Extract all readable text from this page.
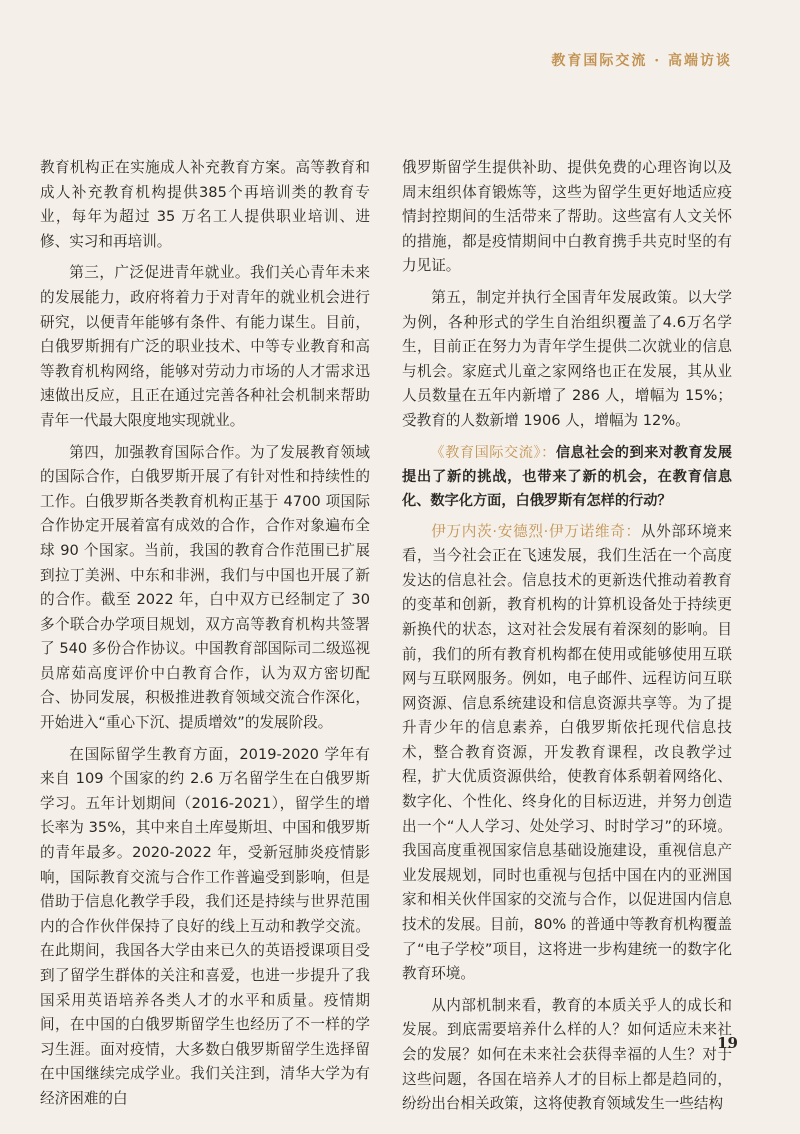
教育国际交流 · 高端访谈

教育机构正在实施成人补充教育方案。高等教育和成人补充教育机构提供385个再培训类的教育专业，每年为超过 35 万名工人提供职业培训、进修、实习和再培训。

第三，广泛促进青年就业。我们关心青年未来的发展能力，政府将着力于对青年的就业机会进行研究，以便青年能够有条件、有能力谋生。目前，白俄罗斯拥有广泛的职业技术、中等专业教育和高等教育机构网络，能够对劳动力市场的人才需求迅速做出反应，且正在通过完善各种社会机制来帮助青年一代最大限度地实现就业。

第四，加强教育国际合作。为了发展教育领域的国际合作，白俄罗斯开展了有针对性和持续性的工作。白俄罗斯各类教育机构正基于 4700 项国际合作协定开展着富有成效的合作，合作对象遍布全球 90 个国家。当前，我国的教育合作范围已扩展到拉丁美洲、中东和非洲，我们与中国也开展了新的合作。截至 2022 年，白中双方已经制定了 30 多个联合办学项目规划，双方高等教育机构共签署了 540 多份合作协议。中国教育部国际司二级巡视员席茹高度评价中白教育合作，认为双方密切配合、协同发展，积极推进教育领域交流合作深化，开始进入“重心下沉、提质增效”的发展阶段。

在国际留学生教育方面，2019-2020 学年有来自 109 个国家的约 2.6 万名留学生在白俄罗斯学习。五年计划期间（2016-2021），留学生的增长率为 35%，其中来自土库曼斯坦、中国和俄罗斯的青年最多。2020-2022 年，受新冠肺炎疫情影响，国际教育交流与合作工作普遍受到影响，但是借助于信息化教学手段，我们还是持续与世界范围内的合作伙伴保持了良好的线上互动和教学交流。在此期间，我国各大学由来已久的英语授课项目受到了留学生群体的关注和喜爱，也进一步提升了我国采用英语培养各类人才的水平和质量。疫情期间，在中国的白俄罗斯留学生也经历了不一样的学习生涯。面对疫情，大多数白俄罗斯留学生选择留在中国继续完成学业。我们关注到，清华大学为有经济困难的白

俄罗斯留学生提供补助、提供免费的心理咨询以及周末组织体育锻炼等，这些为留学生更好地适应疫情封控期间的生活带来了帮助。这些富有人文关怀的措施，都是疫情期间中白教育携手共克时坚的有力见证。

第五，制定并执行全国青年发展政策。以大学为例，各种形式的学生自治组织覆盖了4.6万名学生，目前正在努力为青年学生提供二次就业的信息与机会。家庭式儿童之家网络也正在发展，其从业人员数量在五年内新增了 286 人，增幅为 15%；受教育的人数新增 1906 人，增幅为 12%。

《教育国际交流》：信息社会的到来对教育发展提出了新的挑战，也带来了新的机会，在教育信息化、数字化方面，白俄罗斯有怎样的行动？

伊万内茨·安德烈·伊万诺维奇：从外部环境来看，当今社会正在飞速发展，我们生活在一个高度发达的信息社会。信息技术的更新迭代推动着教育的变革和创新，教育机构的计算机设备处于持续更新换代的状态，这对社会发展有着深刻的影响。目前，我们的所有教育机构都在使用或能够使用互联网与互联网服务。例如，电子邮件、远程访问互联网资源、信息系统建设和信息资源共享等。为了提升青少年的信息素养，白俄罗斯依托现代信息技术，整合教育资源，开发教育课程，改良教学过程，扩大优质资源供给，使教育体系朝着网络化、数字化、个性化、终身化的目标迈进，并努力创造出一个“人人学习、处处学习、时时学习”的环境。我国高度重视国家信息基础设施建设，重视信息产业发展规划，同时也重视与包括中国在内的亚洲国家和相关伙伴国家的交流与合作，以促进国内信息技术的发展。目前，80% 的普通中等教育机构覆盖了“电子学校”项目，这将进一步构建统一的数字化教育环境。

从内部机制来看，教育的本质关乎人的成长和发展。到底需要培养什么样的人？如何适应未来社会的发展？如何在未来社会获得幸福的人生？对于这些问题，各国在培养人才的目标上都是趋同的，纷纷出台相关政策，这将使教育领域发生一些结构

19
